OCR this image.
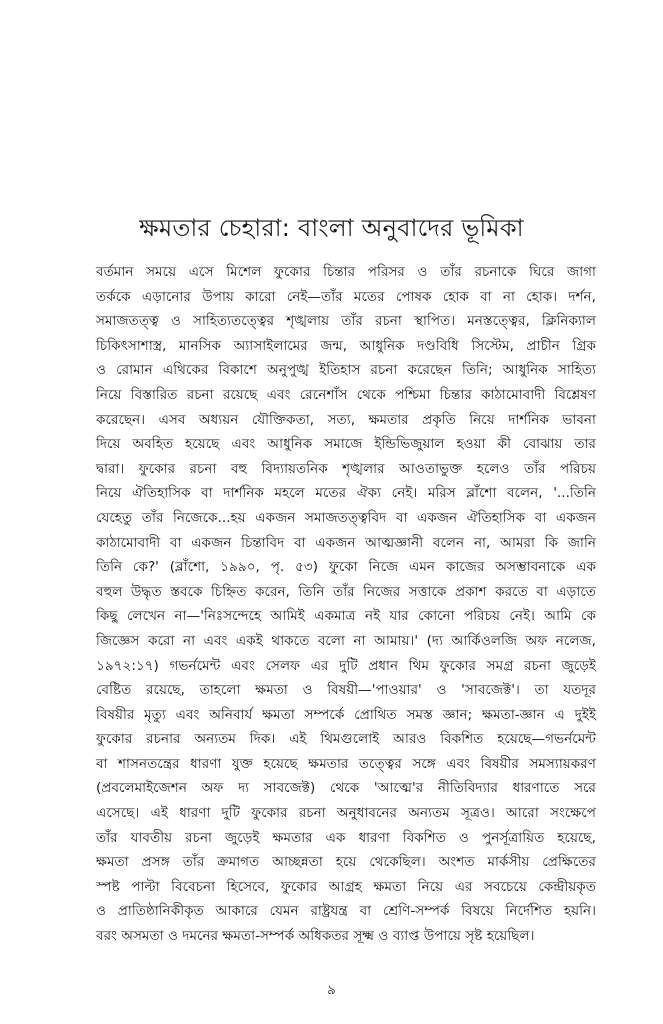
ক্ষমতার চেহারা: বাংলা অনুবাদের ভূমিকা
বর্তমান সময়ে এসে মিশেল ফুকোর চিন্তার পরিসর ও তাঁর রচনাকে ঘিরে জাগা
তর্ককে এড়ানোর উপায় কারো নেই—তাঁর মতের পোষক হোক বা না হোক। দর্শন,
সমাজতত্ত্ব ও সাহিত্যতত্ত্বের শৃঙ্খলায় তাঁর রচনা স্থাপিত। মনস্তত্ত্বের, ক্লিনিক্যাল
চিকিৎসাশাস্ত্র, মানসিক অ্যাসাইলামের জন্ম, আধুনিক দণ্ডবিধি সিস্টেম, প্রাচীন গ্রিক
ও রোমান এথিকের বিকাশে অনুপুঙ্খ ইতিহাস রচনা করেছেন তিনি; আধুনিক সাহিত্য
নিয়ে বিস্তারিত রচনা রয়েছে এবং রেনেশাঁস থেকে পশ্চিমা চিন্তার কাঠামোবাদী বিশ্লেষণ
করেছেন। এসব অধ্যয়ন যৌক্তিকতা, সত্য, ক্ষমতার প্রকৃতি নিয়ে দার্শনিক ভাবনা
দিয়ে অবহিত হয়েছে এবং আধুনিক সমাজে ইন্ডিভিজুয়াল হওয়া কী বোঝায় তার
দ্বারা। ফুকোর রচনা বহু বিদ্যায়তনিক শৃঙ্খলার আওতাভুক্ত হলেও তাঁর পরিচয়
নিয়ে ঐতিহাসিক বা দার্শনিক মহলে মতের ঐক্য নেই। মরিস ব্লাঁশো বলেন, '...তিনি
যেহেতু তাঁর নিজেকে...হয় একজন সমাজতত্ত্ববিদ বা একজন ঐতিহাসিক বা একজন
কাঠামোবাদী বা একজন চিন্তাবিদ বা একজন আত্মজ্ঞানী বলেন না, আমরা কি জানি
তিনি কে?' (ব্লাঁশো, ১৯৯০, পৃ. ৫৩) ফুকো নিজে এমন কাজের অসম্ভাবনাকে এক
বহুল উদ্ধৃত স্তবকে চিহ্নিত করেন, তিনি তাঁর নিজের সত্তাকে প্রকাশ করতে বা এড়াতে
কিছু লেখেন না—'নিঃসন্দেহে আমিই একমাত্র নই যার কোনো পরিচয় নেই। আমি কে
জিজ্ঞেস করো না এবং একই থাকতে বলো না আমায়।' (দ্য আর্কিওলজি অফ নলেজ,
১৯৭২:১৭) গভর্নমেন্ট এবং সেলফ এর দুটি প্রধান থিম ফুকোর সমগ্র রচনা জুড়েই
বেষ্টিত রয়েছে, তাহলো ক্ষমতা ও বিষয়ী—'পাওয়ার' ও 'সাবজেক্ট'। তা যতদূর
বিষয়ীর মৃত্যু এবং অনিবার্য ক্ষমতা সম্পর্কে প্রোথিত সমস্ত জ্ঞান; ক্ষমতা-জ্ঞান এ দুইই
ফুকোর রচনার অন্যতম দিক। এই থিমগুলোই আরও বিকশিত হয়েছে—গভর্নমেন্ট
বা শাসনতন্ত্রের ধারণা যুক্ত হয়েছে ক্ষমতার তত্ত্বের সঙ্গে এবং বিষয়ীর সমস্যায়করণ
(প্রবলেমাইজেশন অফ দ্য সাবজেক্ট) থেকে 'আত্মে'র নীতিবিদ্যার ধারণাতে সরে
এসেছে। এই ধারণা দুটি ফুকোর রচনা অনুধাবনের অন্যতম সূত্রও। আরো সংক্ষেপে
তাঁর যাবতীয় রচনা জুড়েই ক্ষমতার এক ধারণা বিকশিত ও পুনর্সূত্রায়িত হয়েছে,
ক্ষমতা প্রসঙ্গ তাঁর ক্রমাগত আচ্ছন্নতা হয়ে থেকেছিল। অংশত মার্কসীয় প্রেক্ষিতের
স্পষ্ট পাল্টা বিবেচনা হিসেবে, ফুকোর আগ্রহ ক্ষমতা নিয়ে এর সবচেয়ে কেন্দ্রীয়কৃত
ও প্রাতিষ্ঠানিকীকৃত আকারে যেমন রাষ্ট্রযন্ত্র বা শ্রেণি-সম্পর্ক বিষয়ে নির্দেশিত হয়নি।
বরং অসমতা ও দমনের ক্ষমতা-সম্পর্ক অধিকতর সূক্ষ্ম ও ব্যাপ্ত উপায়ে সৃষ্ট হয়েছিল।
৯
